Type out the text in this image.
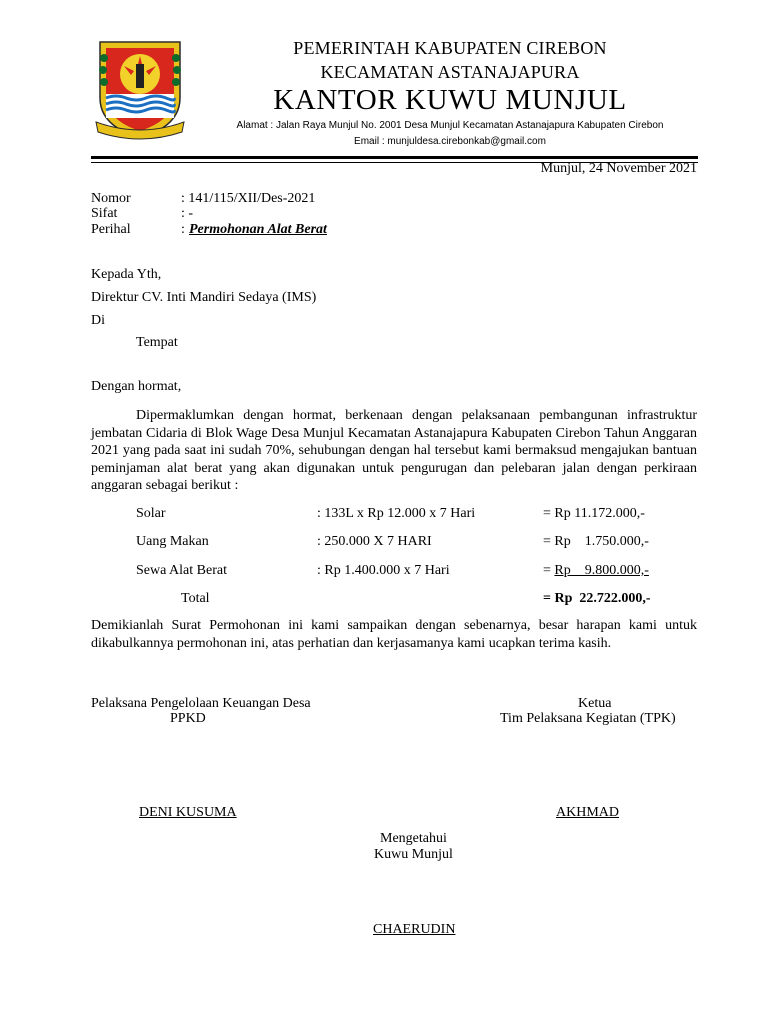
PEMERINTAH KABUPATEN CIREBON
KECAMATAN ASTANAJAPURA
KANTOR KUWU MUNJUL
Alamat : Jalan Raya Munjul No. 2001 Desa Munjul Kecamatan Astanajapura Kabupaten Cirebon
Email : munjuldesa.cirebonkab@gmail.com
Munjul, 24 November 2021
Nomor	: 141/115/XII/Des-2021
Sifat	: -
Perihal	: Permohonan Alat Berat
Kepada Yth,
Direktur CV. Inti Mandiri Sedaya (IMS)
Di
Tempat
Dengan hormat,
Dipermaklumkan dengan hormat, berkenaan dengan pelaksanaan pembangunan infrastruktur jembatan Cidaria di Blok Wage Desa Munjul Kecamatan Astanajapura Kabupaten Cirebon Tahun Anggaran 2021 yang pada saat ini sudah 70%, sehubungan dengan hal tersebut kami bermaksud mengajukan bantuan peminjaman alat berat yang akan digunakan untuk pengurugan dan pelebaran jalan dengan perkiraan anggaran sebagai berikut :
Solar	: 133L x Rp 12.000 x 7 Hari	= Rp 11.172.000,-
Uang Makan	: 250.000 X 7 HARI	= Rp    1.750.000,-
Sewa Alat Berat	: Rp 1.400.000 x 7 Hari	= Rp    9.800.000,-
Total	= Rp  22.722.000,-
Demikianlah Surat Permohonan ini kami sampaikan dengan sebenarnya, besar harapan kami untuk dikabulkannya permohonan ini, atas perhatian dan kerjasamanya kami ucapkan terima kasih.
Pelaksana Pengelolaan Keuangan Desa
PPKD
Ketua
Tim Pelaksana Kegiatan (TPK)
DENI KUSUMA	AKHMAD
Mengetahui
Kuwu Munjul
CHAERUDIN
